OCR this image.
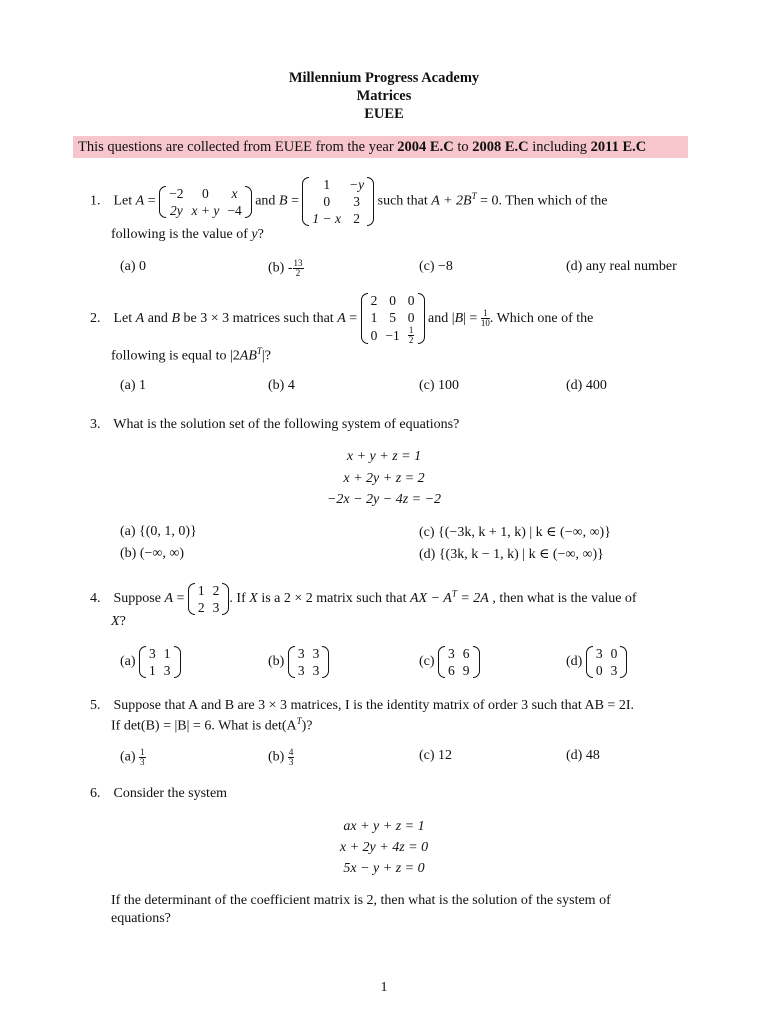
Millennium Progress Academy
Matrices
EUEE
This questions are collected from EUEE from the year 2004 E.C to 2008 E.C including 2011 E.C
1. Let A =
−2	0	x
2y	x + y	−4
and B =
1	−y
0	3
1 − x	2
such that $A + 2B^T = 0$. Then which of the
following is the value of y?
(a) 0	$(b) - \frac{13}{2}$	(c) −8	(d) any real number
2. Let A and B be 3 × 3 matrices such that A =
2	0	0
1	5	0
0	−1	$\frac{1}{2}$
and $|B| = \frac{1}{10}$ . Which one of the
following is equal to $|2AB^T|$?
(a) 1	(b) 4	(c) 100	(d) 400
3. What is the solution set of the following system of equations?
x + y + z = 1
x + 2y + z = 2
−2x − 2y − 4z = −2
(a) {(0, 1, 0)}
(b) (−∞, ∞)
(c) {(−3k, k + 1, k) | k ∈ (−∞, ∞)}
(d) {(3k, k − 1, k) | k ∈ (−∞, ∞)}
4. Suppose A =
1	2
2	3
. If X is a 2 × 2 matrix such that AX − $A^T = 2A$ , then what is the value of
X?
(a)
3	1
1	3
(b)
3	3
3	3
(c)
3	6
6	9
(d)
3	0
0	3
5. Suppose that A and B are 3 × 3 matrices, I is the identity matrix of order 3 such that AB = 2I.
If det(B) = |B| = 6. What is $\det(A^T)$?
$(a) \frac{1}{3}$	$(b) \frac{4}{3}$	(c) 12	(d) 48
6. Consider the system
ax + y + z = 1
x + 2y + 4z = 0
5x − y + z = 0
If the determinant of the coefficient matrix is 2, then what is the solution of the system of
equations?
1
